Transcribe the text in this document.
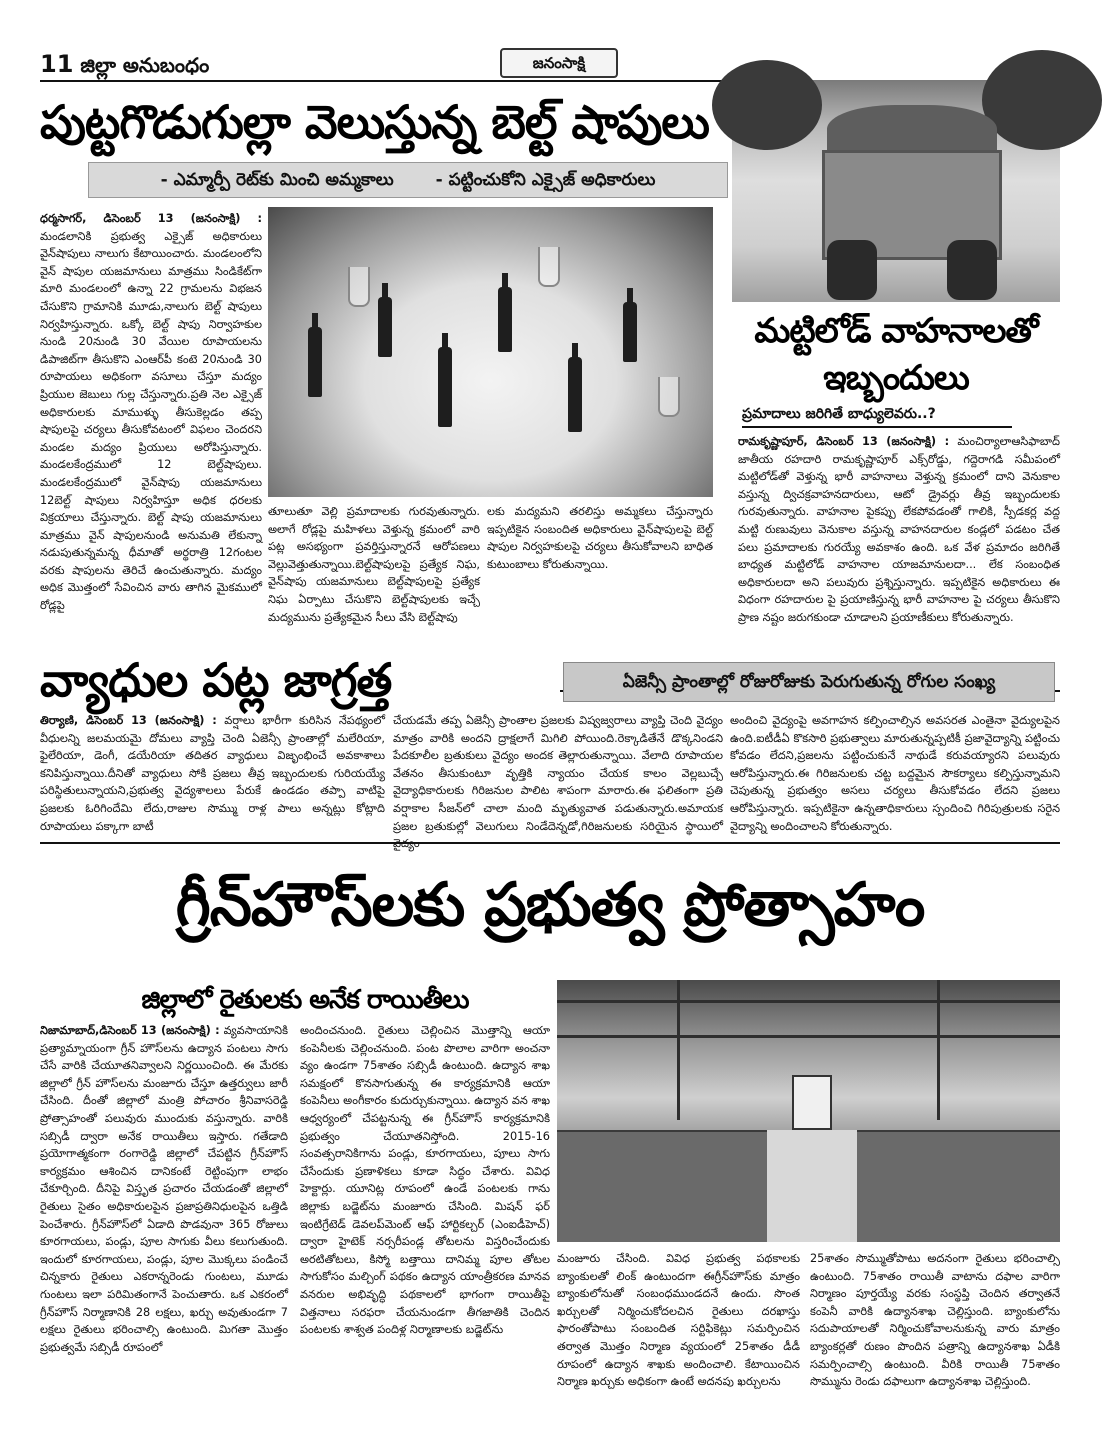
11 జిల్లా అనుబంధం	జనంసాక్షి
పుట్టగొడుగుల్లా వెలుస్తున్న బెల్ట్ షాపులు
- ఎమ్మార్పీ రెట్‌కు మించి అమ్మకాలు - పట్టించుకోని ఎక్సైజ్ అధికారులు
ధర్మసాగర్, డిసెంబర్ 13 (జనంసాక్షి) : మండలానికి ప్రభుత్వ ఎక్సైజ్ అధికారులు వైన్‌షాపులు నాలుగు కేటాయించారు. మండలంలోని వైన్ షాపుల యజమానులు మాత్రము సిండికేట్‌గా మారి మండలంలో ఉన్నా 22 గ్రామలను విభజన చేసుకొని గ్రామానికి మూడు,నాలుగు బెల్ట్ షాపులు నిర్వహిస్తున్నారు. ఒక్కో బెల్ట్ షాపు నిర్వాహకుల నుండి 20నుండి 30 వేయిల రూపాయలను డిపాజిట్‌గా తీసుకొని ఎంఆర్‌పీ కంటె 20నుండి 30 రూపాయలు అధికంగా వసూలు చేస్తూ మద్యం ప్రియుల జెబులు గుల్ల చేస్తున్నారు.ప్రతి నెల ఎక్సైజ్ అధికారులకు మాముళ్ళు తీసుకెల్లడం తప్ప షాపులపై చర్యలు తీసుకోవటంలో విఫలం చెందరని మండల మద్యం ప్రియులు అరోపిస్తున్నారు. మండలకేంద్రములో 12 బెల్ట్‌షాపులు. మండలకేంద్రములో వైన్‌షాపు యజమానులు 12బెల్ట్ షాపులు నిర్వహిస్తూ అధిక ధరలకు విక్రయాలు చేస్తున్నారు. బెల్ట్ షాపు యజమానులు మాత్రము వైన్ షాపులనుండి అనుమతి లేకున్నా నడుపుతున్నమన్న ధీమాతో అర్థరాత్రి 12గంటల వరకు షాపులను తెరిచే ఉంచుతున్నారు. మద్యం అధిక మొత్తంలో సేవించిన వారు తాగిన మైకములో రోడ్లపై
తూలుతూ వెల్లి ప్రమాదాలకు గురవుతున్నారు. అలాగే రోడ్లపై మహిళలు వెళ్తున్న క్రమంలో వారి పట్ల అసభ్యంగా ప్రవర్తిస్తున్నారనే ఆరోపణలు వెల్లువెత్తుతున్నాయి.బెల్ట్‌షాపులపై ప్రత్యేక నిఘ, వైన్‌షాపు యజమానులు బెల్ట్‌షాపులపై ప్రత్యేక నిఘ ఏర్పాటు చేసుకొని బెల్ట్‌షాపులకు ఇచ్చే మద్యమును ప్రత్యేకమైన సీలు వేసి బెల్ట్‌షాపు
లకు మద్యమని తరలిస్తు అమ్మకలు చేస్తున్నారు ఇప్పటికైన సంబందిత అధికారులు వైన్‌షాపులపై బెల్ట్ షాపుల నిర్వహకులపై చర్యలు తీసుకోవాలని బాధిత కుటుంబాలు కోరుతున్నాయి.
మట్టిలోడ్ వాహనాలతో
ఇబ్బందులు
ప్రమాదాలు జరిగితే బాధ్యులెవరు..?
రామకృష్ణాపూర్, డిసెంబర్ 13 (జనంసాక్షి) : మంచిర్యాలాఆసిఫాబాద్ జాతీయ రహదారి రామకృష్ణాపూర్ ఎక్స్‌రోడ్డు, గద్దెరాగడి సమీపంలో మట్టిలోడ్‌తో వెళ్తున్న భారీ వాహనాలు వెళ్తున్న క్రమంలో దాని వెనుకాల వస్తున్న ద్విచక్రవాహనదారులు, ఆటో డ్రైవర్లు తీవ్ర ఇబ్బందులకు గురవుతున్నారు. వాహనాల పైకప్పు లేకపోవడంతో గాలికి, స్పీడకర్ల వద్ద మట్టి రుణువులు వెనుకాల వస్తున్న వాహనదారుల కండ్లలో పడటం చేత పలు ప్రమాదాలకు గురయ్యే అవకాశం ఉంది. ఒక వేళ ప్రమాదం జరిగితే బాధ్యత మట్టిలోడ్ వాహనాల యాజమానులదా... లేక సంబంధిత అధికారులదా అని పలువురు ప్రశ్నిస్తున్నారు. ఇప్పటికైన అధికారులు ఈ విధంగా రహదారుల పై ప్రయాణిస్తున్న భారీ వాహనాల పై చర్యలు తీసుకొని ప్రాణ నష్టం జరుగకుండా చూడాలని ప్రయాణీకులు కోరుతున్నారు.
వ్యాధుల పట్ల జాగ్రత్త	ఏజెన్సీ ప్రాంతాల్లో రోజురోజుకు పెరుగుతున్న రోగుల సంఖ్య
తిర్యాణి, డిసెంబర్ 13 (జనంసాక్షి) : వర్షాలు భారీగా కురిసిన నేపథ్యంలో వీధులన్ని జలమయమై దోమలు వ్యాప్తి చెంది ఏజెన్సీ ప్రాంతాల్లో మలేరియా, ఫైలేరియా, డెంగీ, డయేరియా తదితర వ్యాధులు విజృంభించే అవకాశాలు కనిపిస్తున్నాయి.దీనితో వ్యాధులు సోకి ప్రజలు తీవ్ర ఇబ్బందులకు గురియయ్యే పరిస్థితులున్నాయని,ప్రభుత్వ వైద్యశాలలు పేరుకే ఉండడం తప్పా వాటిపై ప్రజలకు ఓరిగిందేమి లేదు,రాజుల సొమ్ము రాళ్ల పాలు అన్నట్లు కోట్లాది రూపాయలు పక్కాగా బాటీ
చేయడమే తప్ప ఏజెన్సీ ప్రాంతాల ప్రజలకు విష్వజ్వరాలు వ్యాప్తి చెంది వైద్యం మాత్రం వారికి అందని ద్రాక్షలాగే మిగిలి పోయింది.రెక్కాడితేనే డొక్కనిండని పేదకూలీల బ్రతుకులు వైద్యం అందక తెల్లారుతున్నాయి. వేలాది రూపాయల వేతనం తీసుకుంటూ వృత్తికి న్యాయం చేయక కాలం వెల్లబుచ్చే వైద్యాధికారులకు గిరిజనుల పాలిట శాపంగా మారారు.ఈ ఫలితంగా ప్రతి వర్షాకాల సీజన్‌లో చాలా మంది మృత్యువాత పడుతున్నారు.అమాయక ప్రజల బ్రతుకుల్లో వెలుగులు నిండేదెన్నడో,గిరిజనులకు సరియైన స్థాయిలో
అందించి వైద్యంపై అవగాహన కల్పించాల్సిన అవసరత ఎంతైనా వైద్యులపైన ఉంది.ఐటీడీఏ కొకసారి ప్రభుత్వాలు మారుతున్నప్పటికీ ప్రజావైద్యాన్ని పట్టించు కోవడం లేదని,ప్రజలను పట్టించుకునే నాథుడే కరువయ్యారని పలువురు ఆరోపిస్తున్నారు.ఈ గిరిజనులకు చట్ట బద్దమైన సౌకర్యాలు కల్పిస్తున్నామని చెపుతున్న ప్రభుత్వం అసలు చర్యలు తీసుకోవడం లేదని ప్రజలు ఆరోపిస్తున్నారు. ఇప్పటికైనా ఉన్నతాధికారులు స్పందించి గిరిపుత్రులకు సరైన వైద్యాన్ని అందించాలని కోరుతున్నారు.
గ్రీన్‌హౌస్‌లకు ప్రభుత్వ ప్రోత్సాహం
జిల్లాలో రైతులకు అనేక రాయితీలు
నిజామాబాద్,డిసెంబర్ 13 (జనంసాక్షి) : వ్యవసాయానికి ప్రత్యామ్నాయంగా గ్రీన్ హౌస్‌లను ఉద్యాన పంటలు సాగు చేసే వారికి చేయూతనివ్వాలని నిర్ణయించింది. ఈ మేరకు జిల్లాలో గ్రీన్ హౌస్‌లను మంజూరు చేస్తూ ఉత్తర్వులు జారీ చేసింది. దీంతో జిల్లాలో మంత్రి పోచారం శ్రీనివాసరెడ్డి ప్రోత్సాహంతో పలువురు ముందుకు వస్తున్నారు. వారికి సబ్సిడీ ద్వారా అనేక రాయితీలు ఇస్తారు. గతేడాది ప్రయోగాత్మకంగా రంగారెడ్డి జిల్లాలో చేపట్టిన గ్రీన్‌హౌస్ కార్యక్రమం ఆశించిన దానికంటే రెట్టింపుగా లాభం చేకూర్చింది. దీనిపై విస్తృత ప్రచారం చేయడంతో జిల్లాలో రైతులు సైతం అధికారులపైన ప్రజాప్రతినిధులపైన ఒత్తిడి పెంచేశారు. గ్రీన్‌హౌస్‌లో ఏడాది పొడవునా 365 రోజులు కూరగాయలు, పండ్లు, పూల సాగుకు వీలు కలుగుతుంది. ఇందులో కూరగాయలు, పండ్లు, పూల మొక్కలు పండించే చిన్నకారు రైతులు ఎకరాన్నరెండు గుంటలు, మూడు గుంటలు ఇలా పరిమితంగానే పెంచుతారు. ఒక ఎకరంలో గ్రీన్‌హౌస్ నిర్మాణానికి 28 లక్షలు, ఖర్చు అవుతుండగా 7 లక్షలు రైతులు భరించాల్సి ఉంటుంది. మిగతా మొత్తం ప్రభుత్వమే సబ్సిడీ రూపంలో
అందించనుంది. రైతులు చెల్లించిన మొత్తాన్ని ఆయా కంపెనీలకు చెల్లించనుంది. పంట పొలాల వారిగా అంచనా వ్యం ఉండగా 75శాతం సబ్సిడీ ఉంటుంది. ఉద్యాన శాఖ సమక్షంలో కొనసాగుతున్న ఈ కార్యక్రమానికి ఆయా కంపెనీలు అంగీకారం కుదుర్చుకున్నాయి. ఉద్యాన వన శాఖ ఆధ్వర్యంలో చేపట్టనున్న ఈ గ్రీన్‌హౌస్ కార్యక్రమానికి ప్రభుత్వం చేయూతనిస్తోంది. 2015-16 సంవత్సరానికిగాను పండ్లు, కూరగాయలు, పూలు సాగు చేసేందుకు ప్రణాళికలు కూడా సిద్ధం చేశారు. వివిధ హెక్టార్లు. యూనిట్ల రూపంలో ఉండే పంటలకు గాను జిల్లాకు బడ్జెట్‌ను మంజూరు చేసింది. మిషన్ ఫర్ ఇంటిగ్రేటెడ్ డెవలప్‌మెంట్ ఆఫ్ హార్టికల్చర్ (ఎంఐడీహెచ్) ద్వారా హైటెక్ నర్సరీపండ్ల తోటలను విస్తరించేందుకు అరటితోటలు, కిస్మో బత్తాయి దానిమ్మ పూల తోటల సాగుకోసం మల్చింగ్ పథకం ఉద్యాన యాంత్రీకరణ మానవ వనరుల అభివృద్ధి పథకాలలో భాగంగా రాయితీపై విత్తనాలు సరఫరా చేయనుండగా తీగజాతికి చెందిన పంటలకు శాశ్వత పందిళ్ల నిర్మాణాలకు బడ్జెట్‌ను
మంజూరు చేసింది. వివిధ ప్రభుత్వ పథకాలకు బ్యాంకులతో లింక్ ఉంటుందగా ఈగ్రీన్‌హౌస్‌కు మాత్రం బ్యాంకులోనుతో సంబంధముండదనే ఉందు. సొంత ఖర్చులతో నిర్మించుకోదలచిన రైతులు దరఖాస్తు ఫారంతోపాటు సంబందిత సర్టిఫికెట్లు సమర్పించిన తర్వాత మొత్తం నిర్మాణ వ్యయంలో 25శాతం డీడీ రూపంలో ఉద్యాన శాఖకు అందించాలి. కేటాయించిన నిర్మాణ ఖర్చుకు అధికంగా ఉంటే అదనపు ఖర్చులను
25శాతం సొమ్ముతోపాటు అదనంగా రైతులు భరించాల్సి ఉంటుంది. 75శాతం రాయితీ వాటాను దఫాల వారిగా నిర్మాణం పూర్తయ్యే వరకు సంస్థప్తి చెందిన తర్వాతనే కంపెనీ వారికి ఉద్యానశాఖ చెల్లిస్తుంది. బ్యాంకులోను సదుపాయాలతో నిర్మించుకోవాలనుకున్న వారు మాత్రం బ్యాంకర్లతో రుణం పొందిన పత్రాన్ని ఉద్యానశాఖ ఏడీకి సమర్పించాల్సి ఉంటుంది. వీరికి రాయితీ 75శాతం సొమ్మును రెండు దఫాలుగా ఉద్యానశాఖ చెల్లిస్తుంది.
